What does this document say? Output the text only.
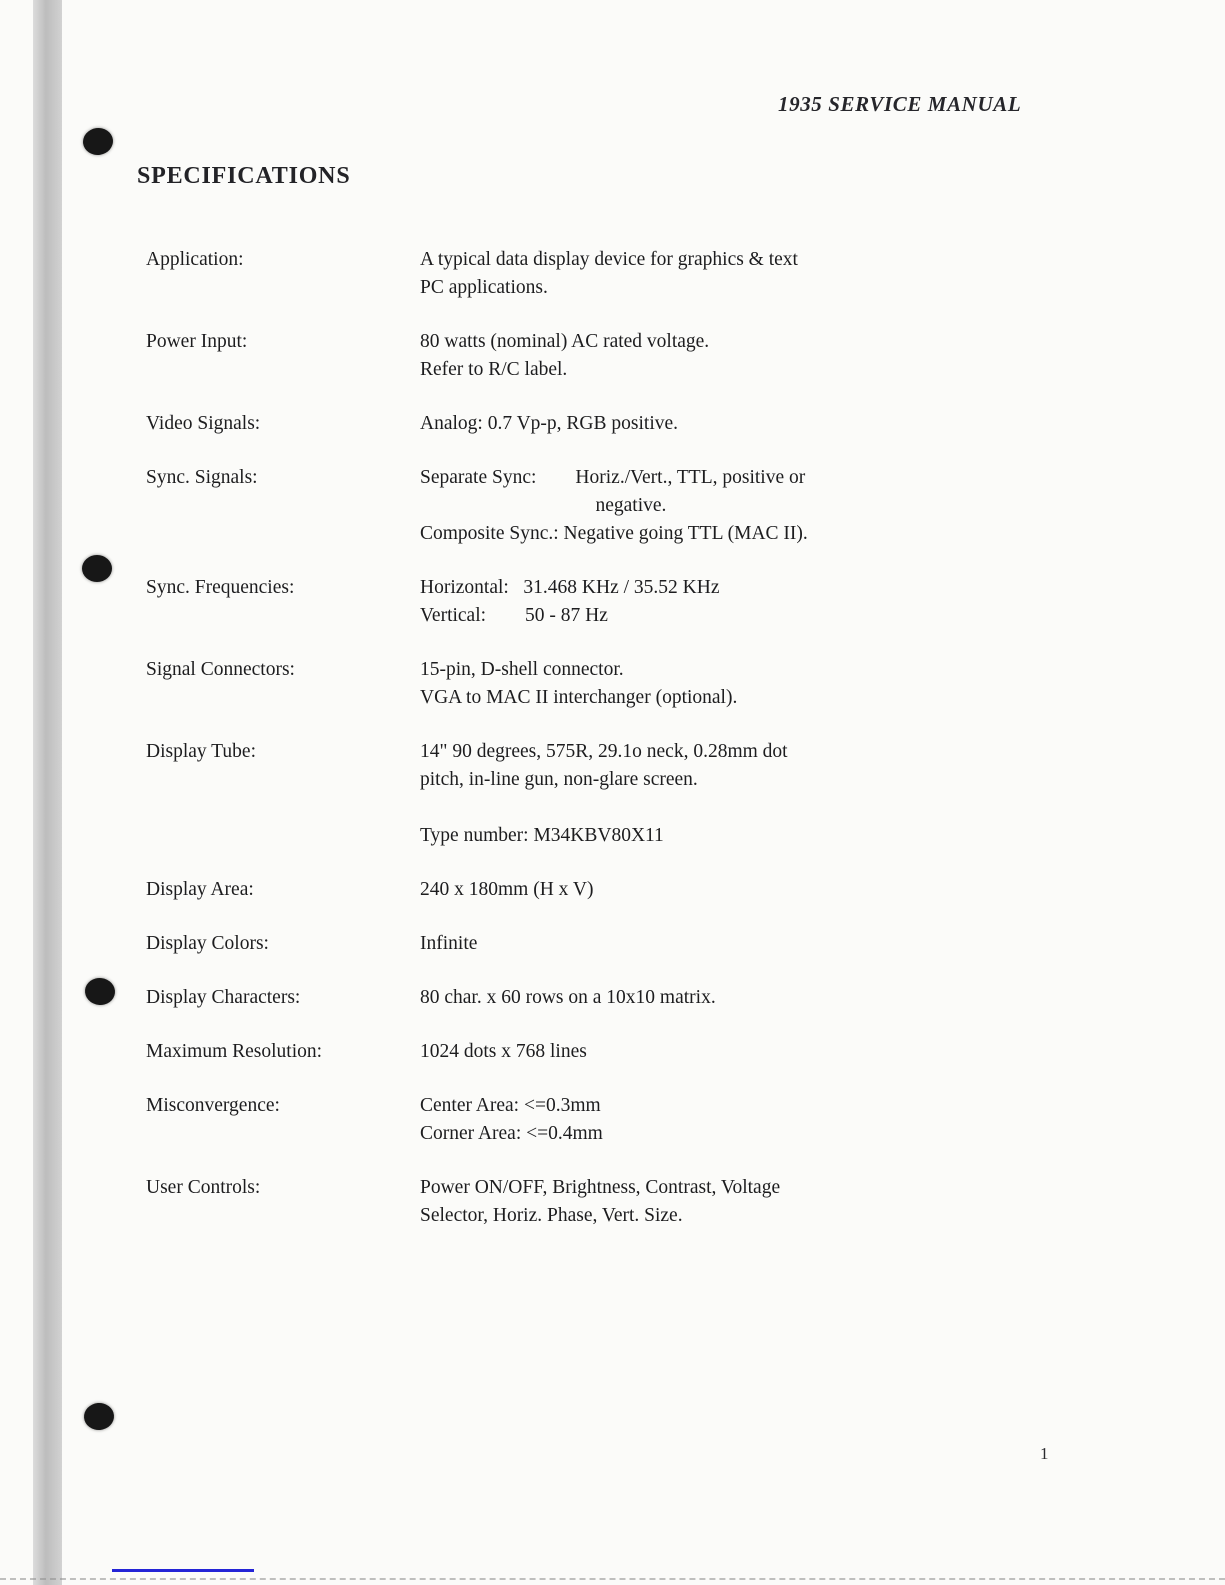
1935 SERVICE MANUAL
SPECIFICATIONS
Application:	A typical data display device for graphics & text
PC applications.
Power Input:	80 watts (nominal) AC rated voltage.
Refer to R/C label.
Video Signals:	Analog: 0.7 Vp-p, RGB positive.
Sync. Signals:	Separate Sync:        Horiz./Vert., TTL, positive or
negative.
Composite Sync.: Negative going TTL (MAC II).
Sync. Frequencies:	Horizontal:   31.468 KHz / 35.52 KHz
Vertical:        50 - 87 Hz
Signal Connectors:	15-pin, D-shell connector.
VGA to MAC II interchanger (optional).
Display Tube:	14" 90 degrees, 575R, 29.1o neck, 0.28mm dot
pitch, in-line gun, non-glare screen.
Type number: M34KBV80X11
Display Area:	240 x 180mm (H x V)
Display Colors:	Infinite
Display Characters:	80 char. x 60 rows on a 10x10 matrix.
Maximum Resolution:	1024 dots x 768 lines
Misconvergence:	Center Area: <=0.3mm
Corner Area: <=0.4mm
User Controls:	Power ON/OFF, Brightness, Contrast, Voltage
Selector, Horiz. Phase, Vert. Size.
1
